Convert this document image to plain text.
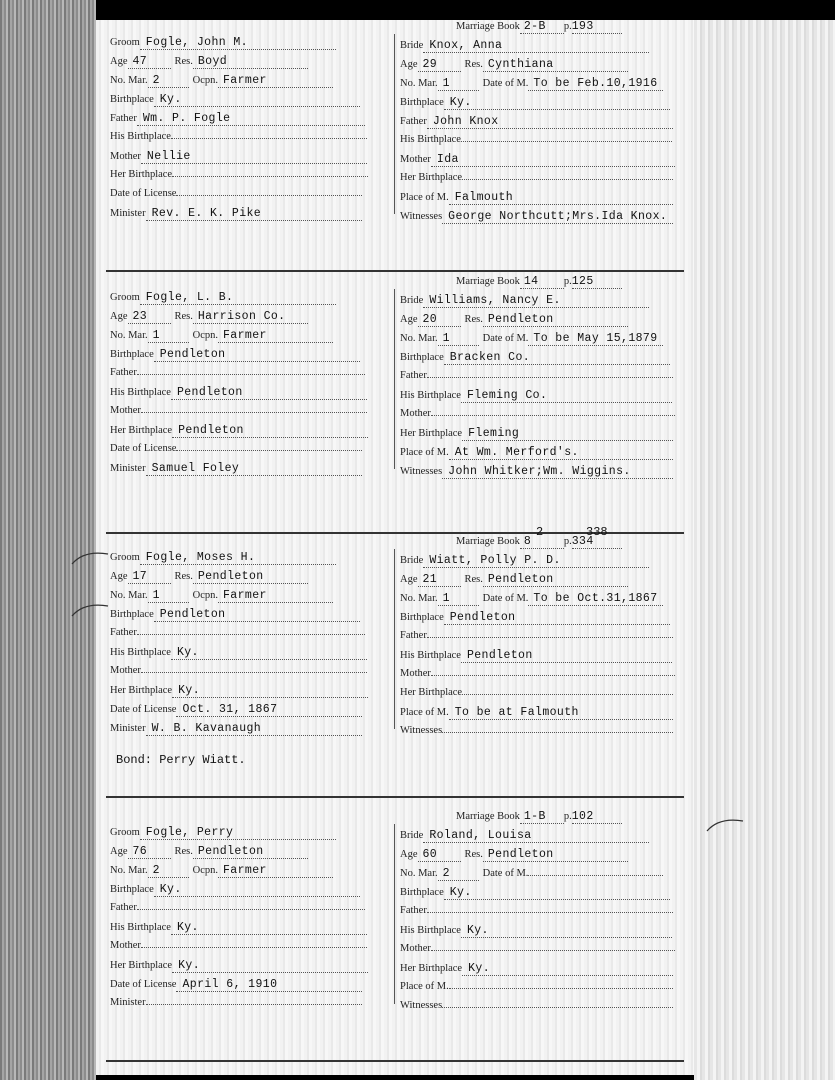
Groom Fogle, John M.
Age 47	Res. Boyd
No. Mar. 2	Ocpn. Farmer
Birthplace Ky.
Father Wm. P. Fogle
His Birthplace
Mother Nellie
Her Birthplace
Date of License
Minister Rev. E. K. Pike
Marriage Book 2-B p.193
Bride Knox, Anna
Age 29	Res. Cynthiana
No. Mar. 1	Date of M. To be Feb.10,1916
Birthplace Ky.
Father John Knox
His Birthplace
Mother Ida
Her Birthplace
Place of M. Falmouth
Witnesses George Northcutt;Mrs.Ida Knox.
Groom Fogle, L. B.
Age 23	Res. Harrison Co.
No. Mar. 1	Ocpn. Farmer
Birthplace Pendleton
Father
His Birthplace Pendleton
Mother
Her Birthplace Pendleton
Date of License
Minister Samuel Foley
Marriage Book 14 p.125
Bride Williams, Nancy E.
Age 20	Res. Pendleton
No. Mar. 1	Date of M. To be May 15,1879
Birthplace Bracken Co.
Father
His Birthplace Fleming Co.
Mother
Her Birthplace Fleming
Place of M. At Wm. Merford's.
Witnesses John Whitker;Wm. Wiggins.
Groom Fogle, Moses H.
Age 17	Res. Pendleton
No. Mar. 1	Ocpn. Farmer
Birthplace Pendleton
Father
His Birthplace Ky.
Mother
Her Birthplace Ky.
Date of License Oct. 31, 1867
Minister W. B. Kavanaugh
Marriage Book 8	p.334
Bride Wiatt, Polly P. D.
Age 21	Res. Pendleton
No. Mar. 1	Date of M. To be Oct.31,1867
Birthplace Pendleton
Father
His Birthplace Pendleton
Mother
Her Birthplace
Place of M. To be at Falmouth
Witnesses
2	338
Bond: Perry Wiatt.
Groom Fogle, Perry
Age 76	Res. Pendleton
No. Mar. 2	Ocpn. Farmer
Birthplace Ky.
Father
His Birthplace Ky.
Mother
Her Birthplace Ky.
Date of License April 6, 1910
Minister
Marriage Book 1-B p.102
Bride Roland, Louisa
Age 60	Res. Pendleton
No. Mar. 2	Date of M.
Birthplace Ky.
Father
His Birthplace Ky.
Mother
Her Birthplace Ky.
Place of M.
Witnesses
